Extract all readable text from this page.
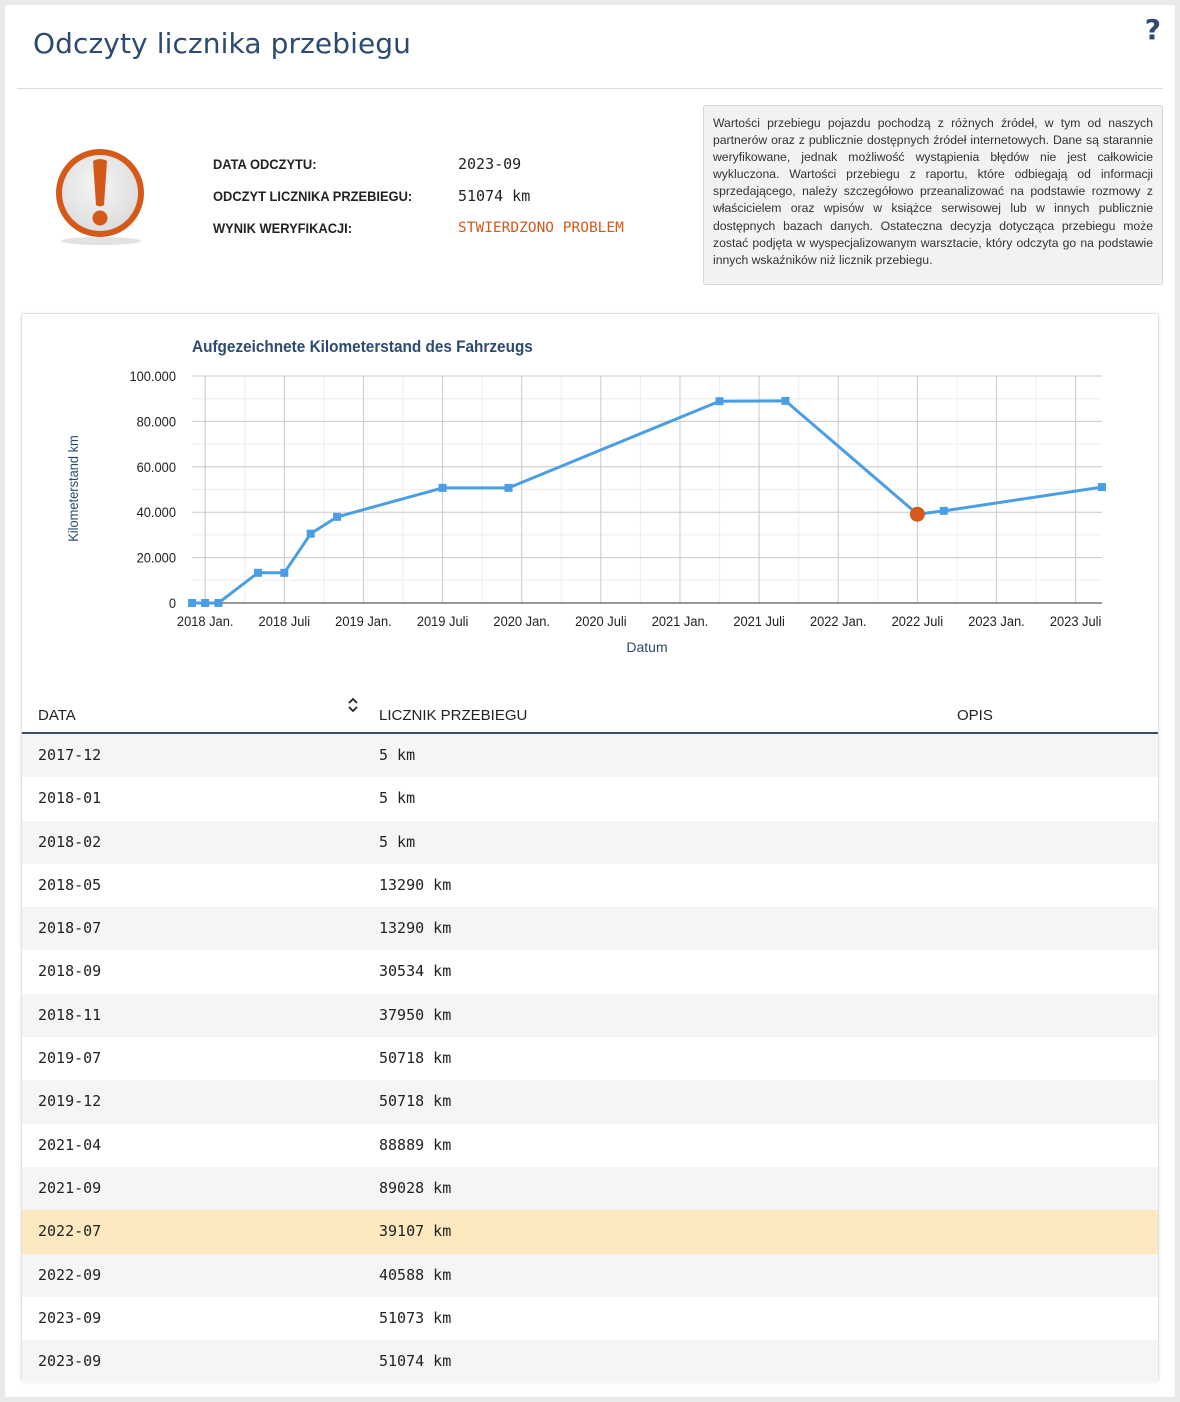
Odczyty licznika przebiegu	?
DATA ODCZYTU:	2023-09
ODCZYT LICZNIKA PRZEBIEGU:	51074 km
WYNIK WERYFIKACJI:	STWIERDZONO PROBLEM
Wartości przebiegu pojazdu pochodzą z różnych źródeł, w tym od naszych partnerów oraz z publicznie dostępnych źródeł internetowych. Dane są starannie weryfikowane, jednak możliwość wystąpienia błędów nie jest całkowicie wykluczona. Wartości przebiegu z raportu, które odbiegają od informacji sprzedającego, należy szczegółowo przeanalizować na podstawie rozmowy z właścicielem oraz wpisów w książce serwisowej lub w innych publicznie dostępnych bazach danych. Ostateczna decyzja dotycząca przebiegu może zostać podjęta w wyspecjalizowanym warsztacie, który odczyta go na podstawie innych wskaźników niż licznik przebiegu.
0
20.000
40.000
60.000
80.000
100.000
2018 Jan. 2018 Juli 2019 Jan. 2019 Juli 2020 Jan. 2020 Juli 2021 Jan. 2021 Juli 2022 Jan. 2022 Juli 2023 Jan. 2023 Juli
Aufgezeichnete Kilometerstand des Fahrzeugs
Datum
Kilometerstand km
DATA	LICZNIK PRZEBIEGU	OPIS
2017-12	5 km
2018-01	5 km
2018-02	5 km
2018-05	13290 km
2018-07	13290 km
2018-09	30534 km
2018-11	37950 km
2019-07	50718 km
2019-12	50718 km
2021-04	88889 km
2021-09	89028 km
2022-07	39107 km
2022-09	40588 km
2023-09	51073 km
2023-09	51074 km
